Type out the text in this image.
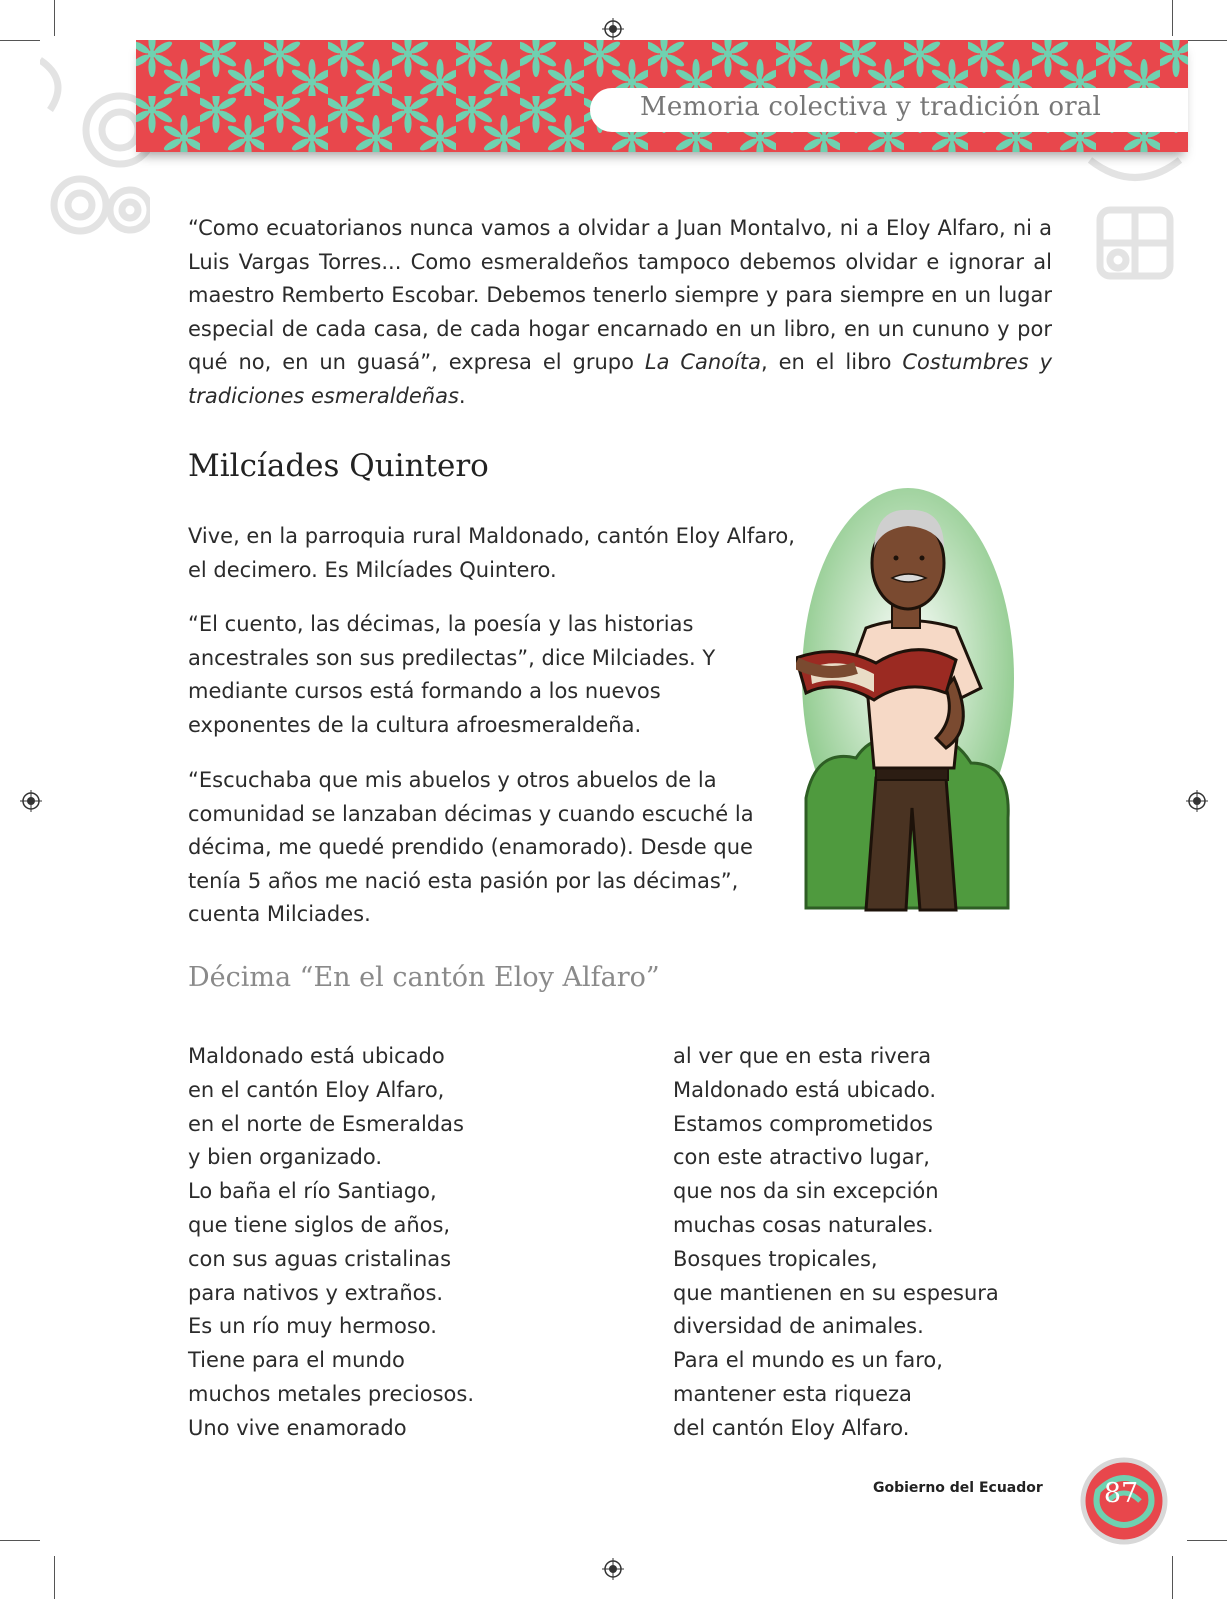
Memoria colectiva y tradición oral

“Como ecuatorianos nunca vamos a olvidar a Juan Montalvo, ni a Eloy Alfaro, ni a Luis Vargas Torres... Como esmeraldeños tampoco debemos olvidar e ignorar al maestro Remberto Escobar. Debemos tenerlo siempre y para siempre en un lugar especial de cada casa, de cada hogar encarnado en un libro, en un cununo y por qué no, en un guasá”, expresa el grupo La Canoíta, en el libro Costumbres y tradiciones esmeraldeñas.

Milcíades Quintero
Vive, en la parroquia rural Maldonado, cantón Eloy Alfaro, el decimero. Es Milcíades Quintero.
“El cuento, las décimas, la poesía y las historias ancestrales son sus predilectas”, dice Milciades. Y mediante cursos está formando a los nuevos exponentes de la cultura afroesmeraldeña.
“Escuchaba que mis abuelos y otros abuelos de la comunidad se lanzaban décimas y cuando escuché la décima, me quedé prendido (enamorado). Desde que tenía 5 años me nació esta pasión por las décimas”, cuenta Milciades.
Décima “En el cantón Eloy Alfaro”
Maldonado está ubicado
en el cantón Eloy Alfaro,
en el norte de Esmeraldas
y bien organizado.
Lo baña el río Santiago,
que tiene siglos de años,
con sus aguas cristalinas
para nativos y extraños.
Es un río muy hermoso.
Tiene para el mundo
muchos metales preciosos.
Uno vive enamorado
al ver que en esta rivera
Maldonado está ubicado.
Estamos comprometidos
con este atractivo lugar,
que nos da sin excepción
muchas cosas naturales.
Bosques tropicales,
que mantienen en su espesura
diversidad de animales.
Para el mundo es un faro,
mantener esta riqueza
del cantón Eloy Alfaro.
Gobierno del Ecuador	87
